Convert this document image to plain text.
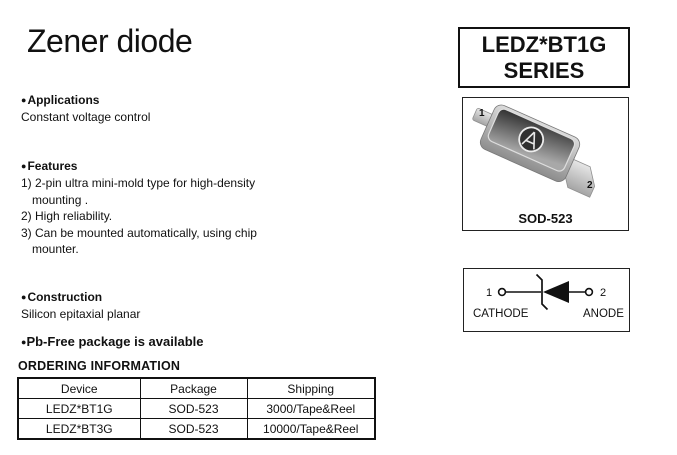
Zener diode
●Applications
Constant voltage control
●Features
1) 2-pin ultra mini-mold type for high-density
mounting .
2) High reliability.
3) Can be mounted automatically, using chip
mounter.
●Construction
Silicon epitaxial planar
●Pb-Free package is available
ORDERING INFORMATION
Device	Package	Shipping
LEDZ*BT1G	SOD-523	3000/Tape&Reel
LEDZ*BT3G	SOD-523	10000/Tape&Reel
LEDZ*BT1G
SERIES
1
2
SOD-523
1	2
CATHODE	ANODE
